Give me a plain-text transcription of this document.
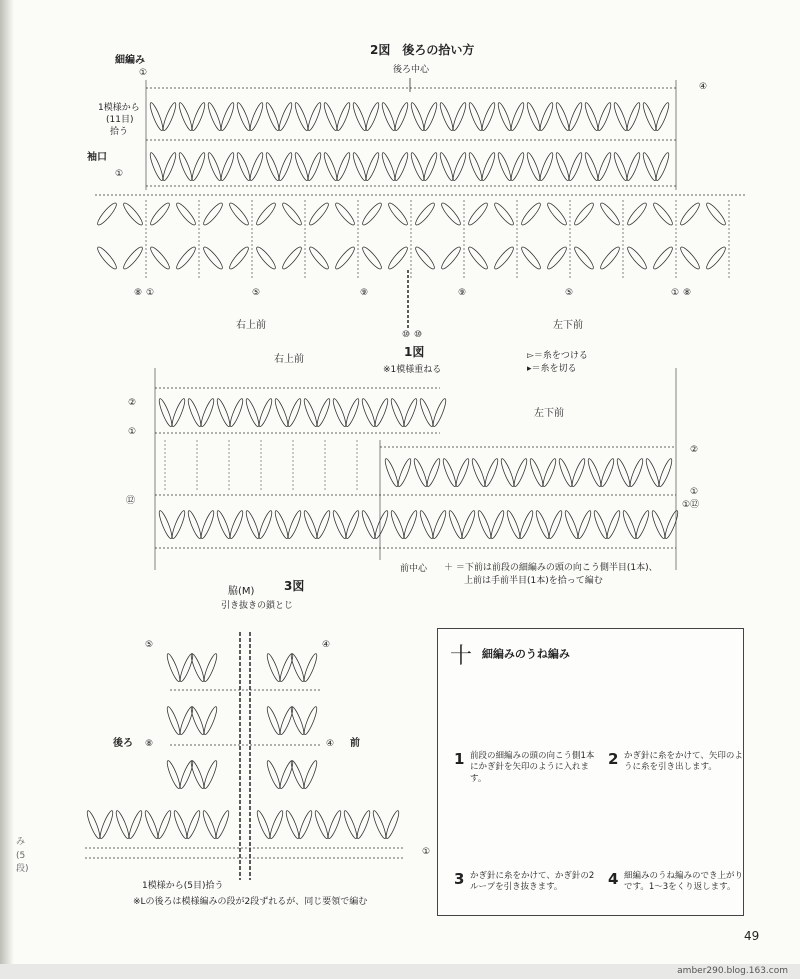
2図　後ろの拾い方
後ろ中心
細編み
1模様から
(11目)
拾う
袖口
右上前	左下前
①
④
①
⑧ ①	⑤	⑨
⑩ ⑩
⑨	⑤	① ⑧
1図
右上前
※1模様重ねる
▻＝糸をつける
▸＝糸を切る
左下前
前中心 ＋ ＝下前は前段の細編みの頭の向こう側半目(1本)、
上前は手前半目(1本)を拾って編む
②
①
②
①
⑫	① ⑫
3図
脇(M)
引き抜きの鎖とじ
後ろ	前
1模様から(5目)拾う
※Lの後ろは模様編みの段が2段ずれるが、同じ要領で編む
⑤	④
⑧	④
①
み(5段)
十 細編みのうね編み
1 前段の細編みの頭の向こう側1本にかぎ針を矢印のように入れます。
2 かぎ針に糸をかけて、矢印のように糸を引き出します。
3 かぎ針に糸をかけて、かぎ針の2ループを引き抜きます。	4 細編みのうね編みのでき上がりです。1～3をくり返します。
49
amber290.blog.163.com
